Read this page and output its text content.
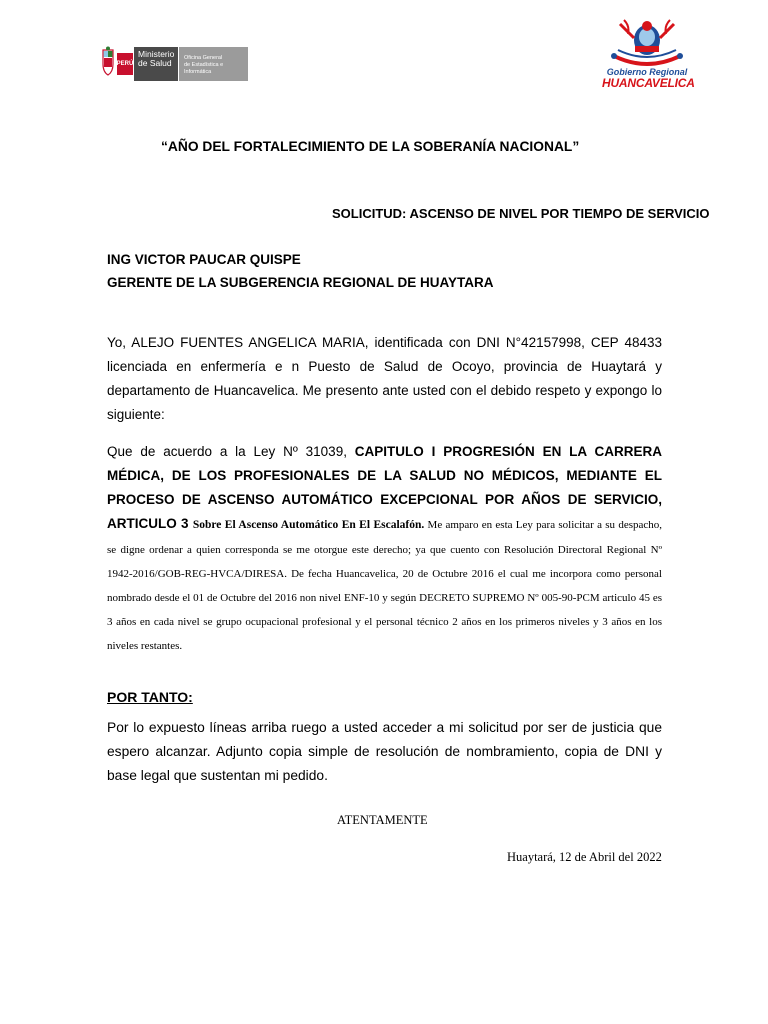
PERÚ
Ministerio
de Salud	Oficina General
de Estadística e Informática	Gobierno Regional
HUANCAVELICA
“AÑO DEL FORTALECIMIENTO DE LA SOBERANÍA NACIONAL”
SOLICITUD: ASCENSO DE NIVEL POR TIEMPO DE SERVICIO
ING VICTOR PAUCAR QUISPE
GERENTE DE LA SUBGERENCIA REGIONAL DE HUAYTARA
Yo, ALEJO FUENTES ANGELICA MARIA, identificada con DNI N°42157998, CEP 48433 licenciada en enfermería e n Puesto de Salud de Ocoyo, provincia de Huaytará y departamento de Huancavelica. Me presento ante usted con el debido respeto y expongo lo siguiente:
Que de acuerdo a la Ley Nº 31039, CAPITULO I PROGRESIÓN EN LA CARRERA MÉDICA, DE LOS PROFESIONALES DE LA SALUD NO MÉDICOS, MEDIANTE EL PROCESO DE ASCENSO AUTOMÁTICO EXCEPCIONAL POR AÑOS DE SERVICIO, ARTICULO 3 Sobre El Ascenso Automático En El Escalafón. Me amparo en esta Ley para solicitar a su despacho, se digne ordenar a quien corresponda se me otorgue este derecho; ya que cuento con Resolución Directoral Regional Nº 1942-2016/GOB-REG-HVCA/DIRESA. De fecha Huancavelica, 20 de Octubre 2016 el cual me incorpora como personal nombrado desde el 01 de Octubre del 2016 non nivel ENF-10 y según DECRETO SUPREMO Nº 005-90-PCM articulo 45 es 3 años en cada nivel se grupo ocupacional profesional y el personal técnico 2 años en los primeros niveles y 3 años en los niveles restantes.
POR TANTO:
Por lo expuesto líneas arriba ruego a usted acceder a mi solicitud por ser de justicia que espero alcanzar. Adjunto copia simple de resolución de nombramiento, copia de DNI y base legal que sustentan mi pedido.
ATENTAMENTE
Huaytará, 12 de Abril del 2022
